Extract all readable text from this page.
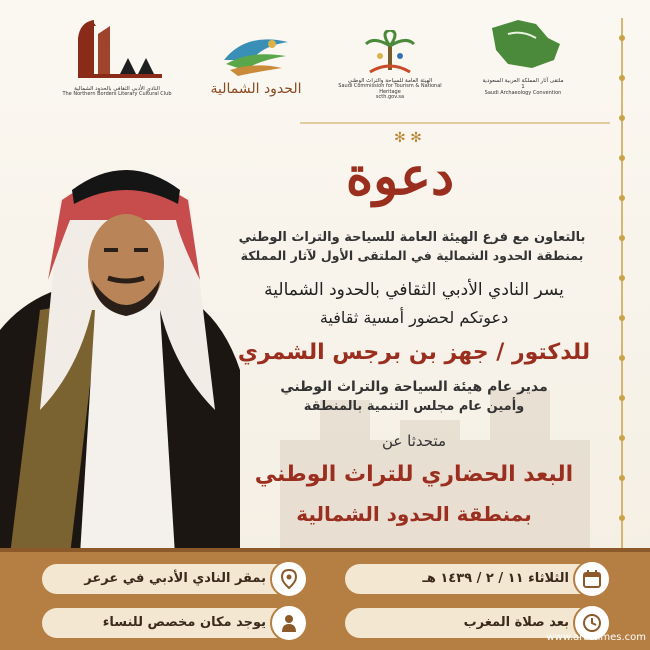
النادي الأدبي الثقافي بالحدود الشمالية
The Northern Borders Literary Cultural Club	الحدود الشمالية	الهيئة العامة للسياحة والتراث الوطني
Saudi Commission for Tourism & National Heritage
scth.gov.sa
ملتقى آثار المملكة العربية السعودية
1
Saudi Archaeology Convention
✻ ✻
دعوة
بالتعاون مع فرع الهيئة العامة للسياحة والتراث الوطني
بمنطقة الحدود الشمالية في الملتقى الأول لآثار المملكة
يسر النادي الأدبي الثقافي بالحدود الشمالية
دعوتكم لحضور أمسية ثقافية
للدكتور / جهز بن برجس الشمري
مدير عام هيئة السياحة والتراث الوطني
وأمين عام مجلس التنمية بالمنطقة
متحدثا عن
البعد الحضاري للتراث الوطني
بمنطقة الحدود الشمالية
الثلاثاء ١١ / ٢ / ١٤٣٩ هـ
بمقر النادي الأدبي في عرعر
بعد صلاة المغرب
يوجد مكان مخصص للنساء
www.arartimes.com
